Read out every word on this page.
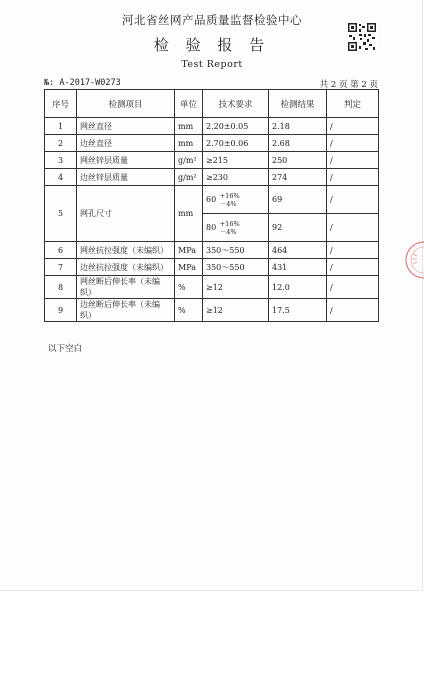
河北省丝网产品质量监督检验中心
检 验 报 告
Test Report
№: A-2017-W0273	共 2 页 第 2 页
序号	检测项目	单位	技术要求	检测结果	判定
1	网丝直径	mm	2.20±0.05	2.18	/
2	边丝直径	mm	2.70±0.06	2.68	/
3	网丝锌层质量	g/m²	≥215	250	/
4	边丝锌层质量	g/m²	≥230	274	/
5	网孔尺寸	mm	60 +16%
－4%	69	/
			80 +16%
－4%	92	/
6	网丝抗拉强度（未编织）	MPa	350～550	464	/
7	边丝抗拉强度（未编织）	MPa	350～550	431	/
8	网丝断后伸长率（未编织）	%	≥12	12.0	/
9	边丝断后伸长率（未编织）	%	≥12	17.5	/
以下空白
